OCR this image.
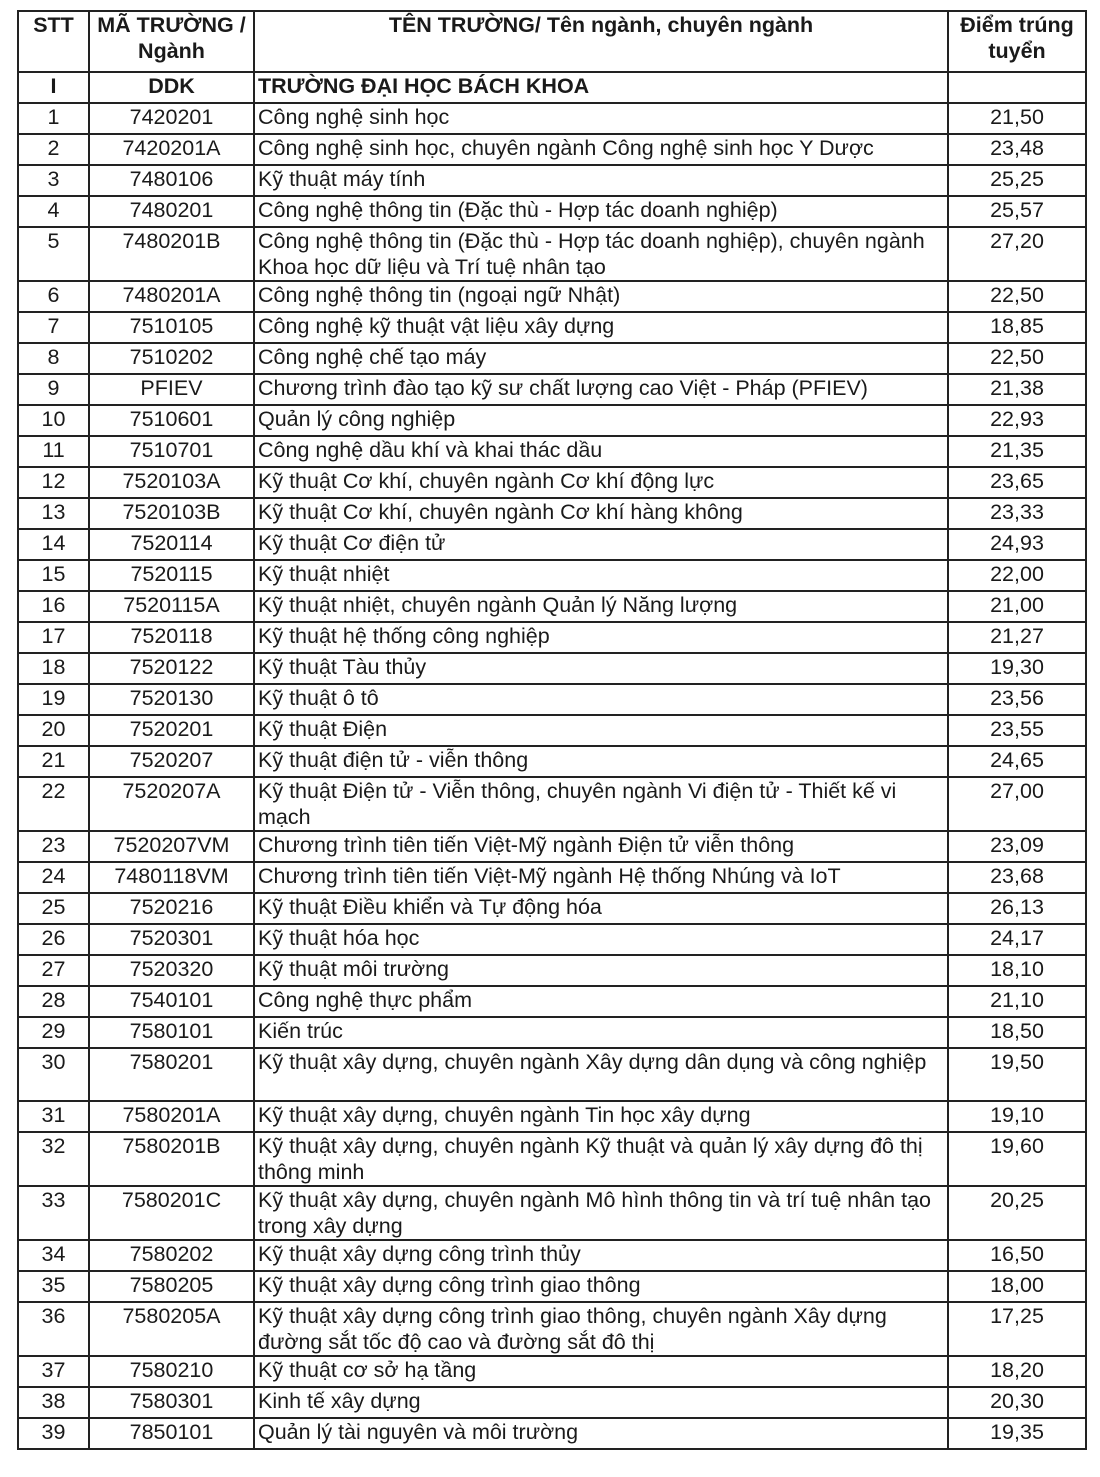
STT	MÃ TRƯỜNG / Ngành	TÊN TRƯỜNG/ Tên ngành, chuyên ngành	Điểm trúng tuyển
I	DDK	TRƯỜNG ĐẠI HỌC BÁCH KHOA	
1	7420201	Công nghệ sinh học	21,50
2	7420201A	Công nghệ sinh học, chuyên ngành Công nghệ sinh học Y Dược	23,48
3	7480106	Kỹ thuật máy tính	25,25
4	7480201	Công nghệ thông tin (Đặc thù - Hợp tác doanh nghiệp)	25,57
5	7480201B	Công nghệ thông tin (Đặc thù - Hợp tác doanh nghiệp), chuyên ngành Khoa học dữ liệu và Trí tuệ nhân tạo	27,20
6	7480201A	Công nghệ thông tin (ngoại ngữ Nhật)	22,50
7	7510105	Công nghệ kỹ thuật vật liệu xây dựng	18,85
8	7510202	Công nghệ chế tạo máy	22,50
9	PFIEV	Chương trình đào tạo kỹ sư chất lượng cao Việt - Pháp (PFIEV)	21,38
10	7510601	Quản lý công nghiệp	22,93
11	7510701	Công nghệ dầu khí và khai thác dầu	21,35
12	7520103A	Kỹ thuật Cơ khí, chuyên ngành Cơ khí động lực	23,65
13	7520103B	Kỹ thuật Cơ khí, chuyên ngành Cơ khí hàng không	23,33
14	7520114	Kỹ thuật Cơ điện tử	24,93
15	7520115	Kỹ thuật nhiệt	22,00
16	7520115A	Kỹ thuật nhiệt, chuyên ngành Quản lý Năng lượng	21,00
17	7520118	Kỹ thuật hệ thống công nghiệp	21,27
18	7520122	Kỹ thuật Tàu thủy	19,30
19	7520130	Kỹ thuật ô tô	23,56
20	7520201	Kỹ thuật Điện	23,55
21	7520207	Kỹ thuật điện tử - viễn thông	24,65
22	7520207A	Kỹ thuật Điện tử - Viễn thông, chuyên ngành Vi điện tử - Thiết kế vi mạch	27,00
23	7520207VM	Chương trình tiên tiến Việt-Mỹ ngành Điện tử viễn thông	23,09
24	7480118VM	Chương trình tiên tiến Việt-Mỹ ngành Hệ thống Nhúng và IoT	23,68
25	7520216	Kỹ thuật Điều khiển và Tự động hóa	26,13
26	7520301	Kỹ thuật hóa học	24,17
27	7520320	Kỹ thuật môi trường	18,10
28	7540101	Công nghệ thực phẩm	21,10
29	7580101	Kiến trúc	18,50
30	7580201	Kỹ thuật xây dựng, chuyên ngành Xây dựng dân dụng và công nghiệp	19,50
31	7580201A	Kỹ thuật xây dựng, chuyên ngành Tin học xây dựng	19,10
32	7580201B	Kỹ thuật xây dựng, chuyên ngành Kỹ thuật và quản lý xây dựng đô thị thông minh	19,60
33	7580201C	Kỹ thuật xây dựng, chuyên ngành Mô hình thông tin và trí tuệ nhân tạo trong xây dựng	20,25
34	7580202	Kỹ thuật xây dựng công trình thủy	16,50
35	7580205	Kỹ thuật xây dựng công trình giao thông	18,00
36	7580205A	Kỹ thuật xây dựng công trình giao thông, chuyên ngành Xây dựng đường sắt tốc độ cao và đường sắt đô thị	17,25
37	7580210	Kỹ thuật cơ sở hạ tầng	18,20
38	7580301	Kinh tế xây dựng	20,30
39	7850101	Quản lý tài nguyên và môi trường	19,35
